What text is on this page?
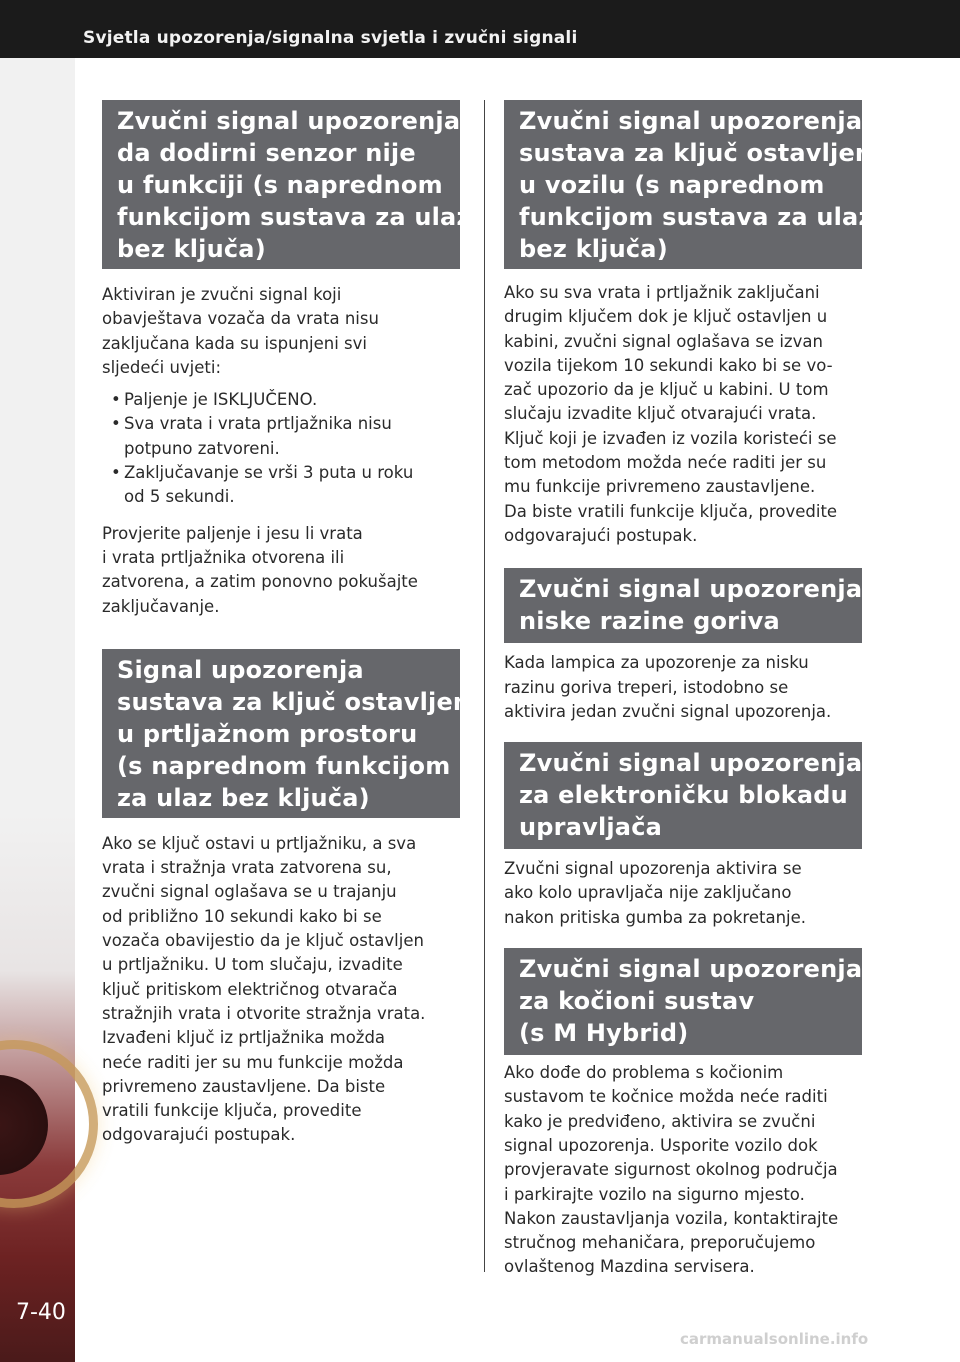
Svjetla upozorenja/signalna svjetla i zvučni signali
7-40
Zvučni signal upozorenja
da dodirni senzor nije
u funkciji (s naprednom
funkcijom sustava za ulaz
bez ključa)

Aktiviran je zvučni signal koji
obavještava vozača da vrata nisu
zaključana kada su ispunjeni svi
sljedeći uvjeti:

• Paljenje je ISKLJUČENO.
• Sva vrata i vrata prtljažnika nisu
potpuno zatvoreni.
• Zaključavanje se vrši 3 puta u roku
od 5 sekundi.

Provjerite paljenje i jesu li vrata
i vrata prtljažnika otvorena ili
zatvorena, a zatim ponovno pokušajte
zaključavanje.

Signal upozorenja
sustava za ključ ostavljen
u prtljažnom prostoru
(s naprednom funkcijom
za ulaz bez ključa)

Ako se ključ ostavi u prtljažniku, a sva
vrata i stražnja vrata zatvorena su,
zvučni signal oglašava se u trajanju
od približno 10 sekundi kako bi se
vozača obavijestio da je ključ ostavljen
u prtljažniku. U tom slučaju, izvadite
ključ pritiskom električnog otvarača
stražnjih vrata i otvorite stražnja vrata.
Izvađeni ključ iz prtljažnika možda
neće raditi jer su mu funkcije možda
privremeno zaustavljene. Da biste
vratili funkcije ključa, provedite
odgovarajući postupak.

Zvučni signal upozorenja
sustava za ključ ostavljen
u vozilu (s naprednom
funkcijom sustava za ulaz
bez ključa)

Ako su sva vrata i prtljažnik zaključani
drugim ključem dok je ključ ostavljen u
kabini, zvučni signal oglašava se izvan
vozila tijekom 10 sekundi kako bi se vo-
zač upozorio da je ključ u kabini. U tom
slučaju izvadite ključ otvarajući vrata.
Ključ koji je izvađen iz vozila koristeći se
tom metodom možda neće raditi jer su
mu funkcije privremeno zaustavljene.
Da biste vratili funkcije ključa, provedite
odgovarajući postupak.

Zvučni signal upozorenja
niske razine goriva

Kada lampica za upozorenje za nisku
razinu goriva treperi, istodobno se
aktivira jedan zvučni signal upozorenja.

Zvučni signal upozorenja
za elektroničku blokadu
upravljača

Zvučni signal upozorenja aktivira se
ako kolo upravljača nije zaključano
nakon pritiska gumba za pokretanje.

Zvučni signal upozorenja
za kočioni sustav
(s M Hybrid)

Ako dođe do problema s kočionim
sustavom te kočnice možda neće raditi
kako je predviđeno, aktivira se zvučni
signal upozorenja. Usporite vozilo dok
provjeravate sigurnost okolnog područja
i parkirajte vozilo na sigurno mjesto.
Nakon zaustavljanja vozila, kontaktirajte
stručnog mehaničara, preporučujemo
ovlaštenog Mazdina servisera.

carmanualsonline.info
